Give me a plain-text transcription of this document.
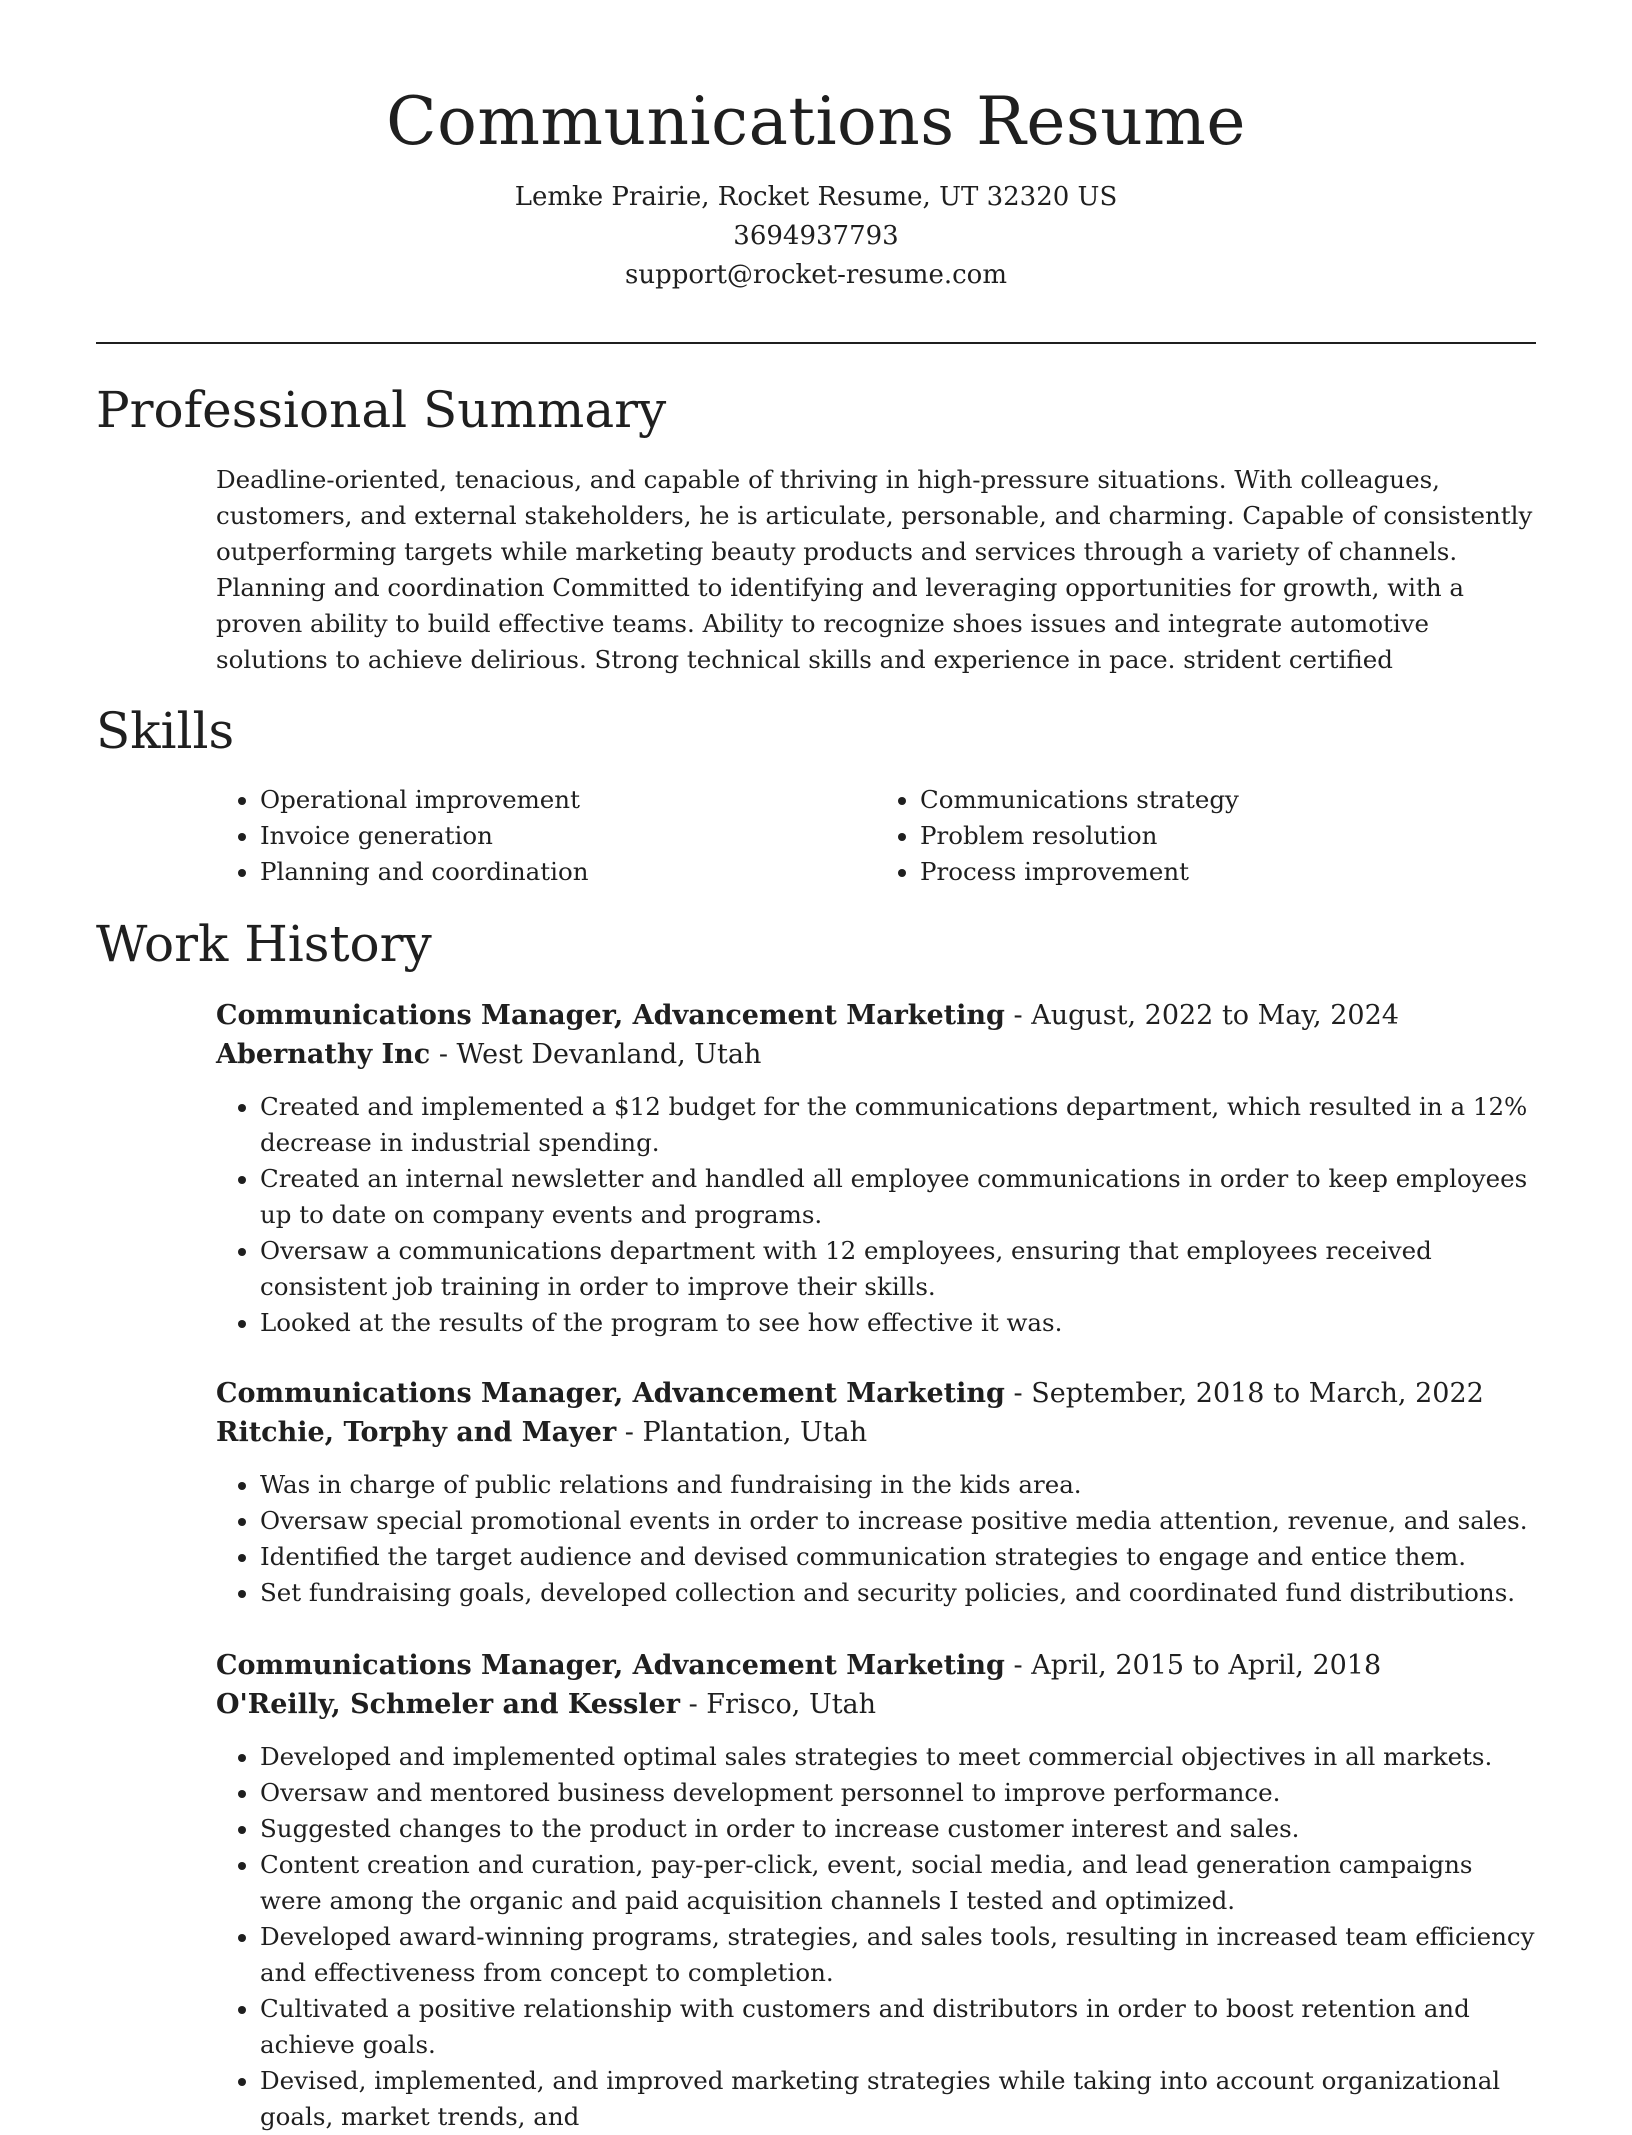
Communications Resume
Lemke Prairie, Rocket Resume, UT 32320 US
3694937793
support@rocket-resume.com
Professional Summary

Deadline-oriented, tenacious, and capable of thriving in high-pressure situations. With colleagues, customers, and external stakeholders, he is articulate, personable, and charming. Capable of consistently outperforming targets while marketing beauty products and services through a variety of channels. Planning and coordination Committed to identifying and leveraging opportunities for growth, with a proven ability to build effective teams. Ability to recognize shoes issues and integrate automotive solutions to achieve delirious. Strong technical skills and experience in pace. strident certified

Skills
• Operational improvement
• Invoice generation
• Planning and coordination
• Communications strategy
• Problem resolution
• Process improvement
Work History
Communications Manager, Advancement Marketing - August, 2022 to May, 2024
Abernathy Inc - West Devanland, Utah
• Created and implemented a $12 budget for the communications department, which resulted in a 12% decrease in industrial spending.
• Created an internal newsletter and handled all employee communications in order to keep employees up to date on company events and programs.
• Oversaw a communications department with 12 employees, ensuring that employees received consistent job training in order to improve their skills.
• Looked at the results of the program to see how effective it was.
Communications Manager, Advancement Marketing - September, 2018 to March, 2022
Ritchie, Torphy and Mayer - Plantation, Utah
• Was in charge of public relations and fundraising in the kids area.
• Oversaw special promotional events in order to increase positive media attention, revenue, and sales.
• Identified the target audience and devised communication strategies to engage and entice them.
• Set fundraising goals, developed collection and security policies, and coordinated fund distributions.
Communications Manager, Advancement Marketing - April, 2015 to April, 2018
O'Reilly, Schmeler and Kessler - Frisco, Utah
• Developed and implemented optimal sales strategies to meet commercial objectives in all markets.
• Oversaw and mentored business development personnel to improve performance.
• Suggested changes to the product in order to increase customer interest and sales.
• Content creation and curation, pay-per-click, event, social media, and lead generation campaigns were among the organic and paid acquisition channels I tested and optimized.
• Developed award-winning programs, strategies, and sales tools, resulting in increased team efficiency and effectiveness from concept to completion.
• Cultivated a positive relationship with customers and distributors in order to boost retention and achieve goals.
• Devised, implemented, and improved marketing strategies while taking into account organizational goals, market trends, and
